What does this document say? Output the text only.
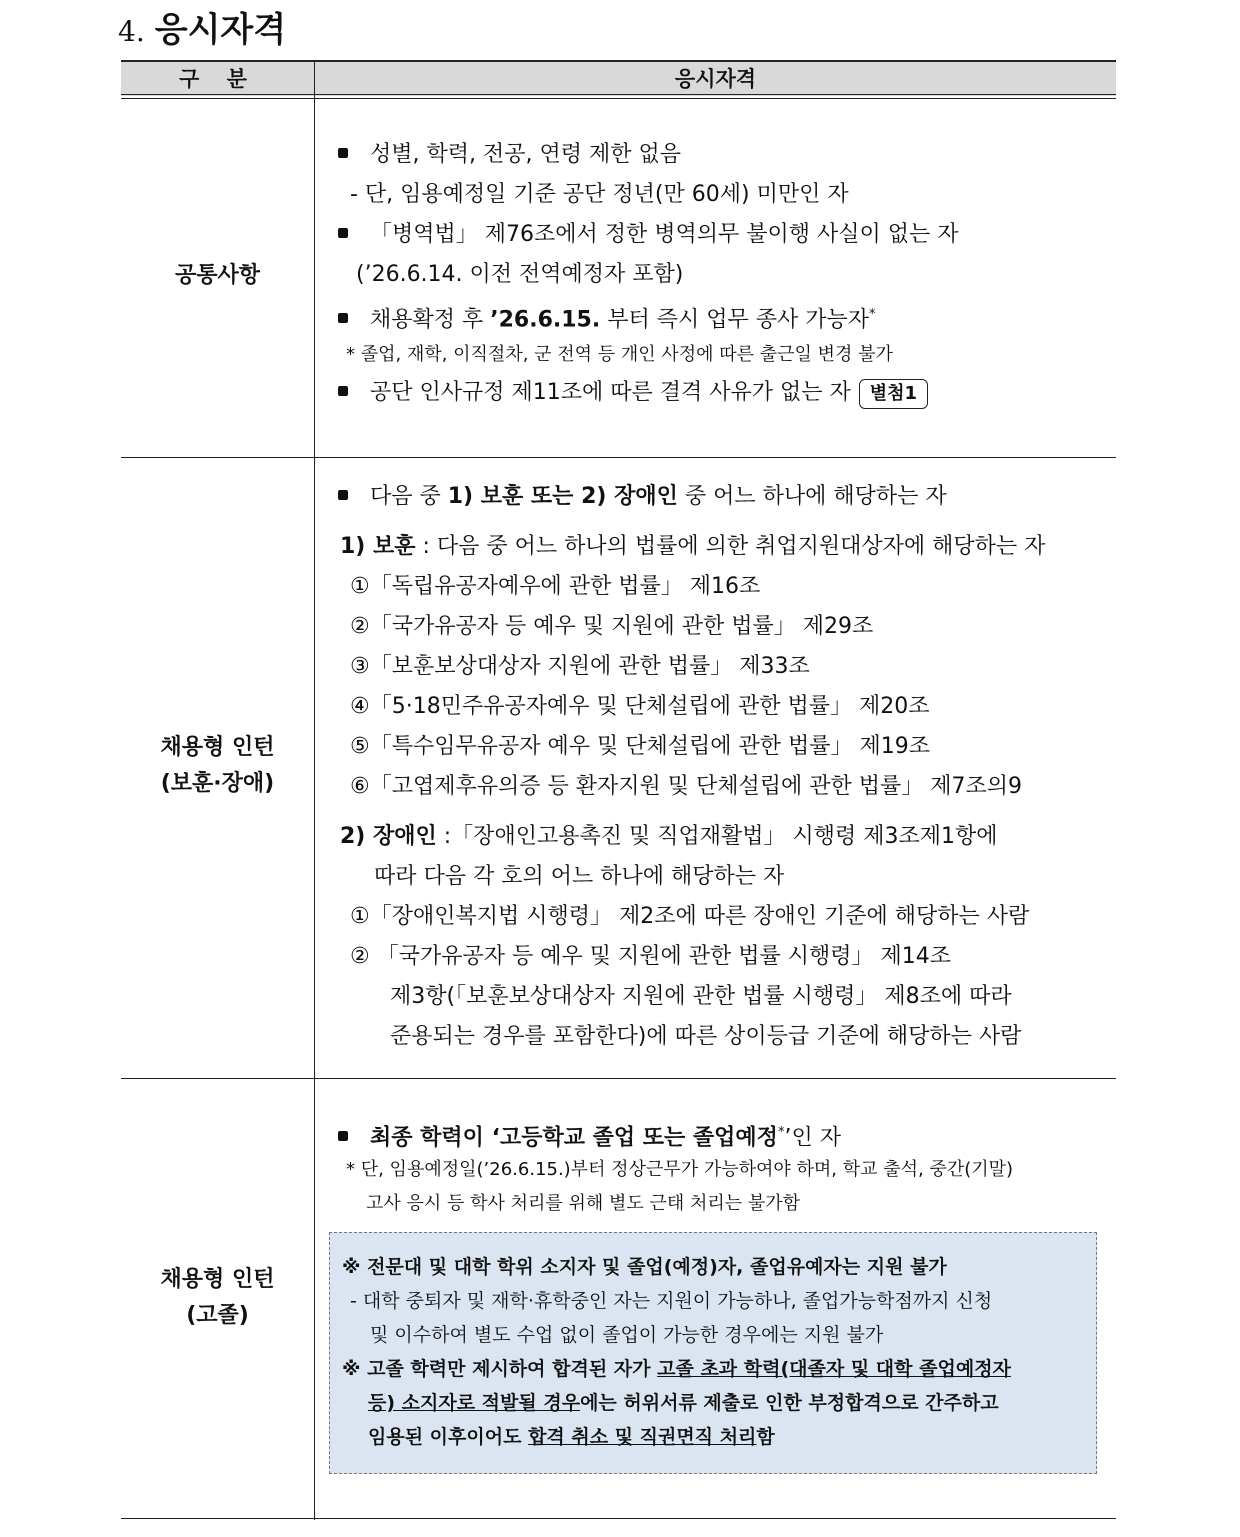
4. 응시자격
구 분	응시자격
공통사항
성별, 학력, 전공, 연령 제한 없음
- 단, 임용예정일 기준 공단 정년(만 60세) 미만인 자
「병역법」 제76조에서 정한 병역의무 불이행 사실이 없는 자
(’26.6.14. 이전 전역예정자 포함)
채용확정 후 ’26.6.15. 부터 즉시 업무 종사 가능자*
* 졸업, 재학, 이직절차, 군 전역 등 개인 사정에 따른 출근일 변경 불가
공단 인사규정 제11조에 따른 결격 사유가 없는 자 별첨1
채용형 인턴
(보훈·장애)
다음 중 1) 보훈 또는 2) 장애인 중 어느 하나에 해당하는 자
1) 보훈 : 다음 중 어느 하나의 법률에 의한 취업지원대상자에 해당하는 자
①「독립유공자예우에 관한 법률」 제16조
②「국가유공자 등 예우 및 지원에 관한 법률」 제29조
③「보훈보상대상자 지원에 관한 법률」 제33조
④「5·18민주유공자예우 및 단체설립에 관한 법률」 제20조
⑤「특수임무유공자 예우 및 단체설립에 관한 법률」 제19조
⑥「고엽제후유의증 등 환자지원 및 단체설립에 관한 법률」 제7조의9
2) 장애인 :「장애인고용촉진 및 직업재활법」 시행령 제3조제1항에
따라 다음 각 호의 어느 하나에 해당하는 자
①「장애인복지법 시행령」 제2조에 따른 장애인 기준에 해당하는 사람
② 「국가유공자 등 예우 및 지원에 관한 법률 시행령」 제14조
제3항(「보훈보상대상자 지원에 관한 법률 시행령」 제8조에 따라
준용되는 경우를 포함한다)에 따른 상이등급 기준에 해당하는 사람
채용형 인턴
(고졸)
최종 학력이 ‘고등학교 졸업 또는 졸업예정*’인 자
* 단, 임용예정일(’26.6.15.)부터 정상근무가 가능하여야 하며, 학교 출석, 중간(기말)
고사 응시 등 학사 처리를 위해 별도 근태 처리는 불가함
※ 전문대 및 대학 학위 소지자 및 졸업(예정)자, 졸업유예자는 지원 불가
- 대학 중퇴자 및 재학·휴학중인 자는 지원이 가능하나, 졸업가능학점까지 신청
및 이수하여 별도 수업 없이 졸업이 가능한 경우에는 지원 불가
※ 고졸 학력만 제시하여 합격된 자가 고졸 초과 학력(대졸자 및 대학 졸업예정자
등) 소지자로 적발될 경우에는 허위서류 제출로 인한 부정합격으로 간주하고
임용된 이후이어도 합격 취소 및 직권면직 처리함
